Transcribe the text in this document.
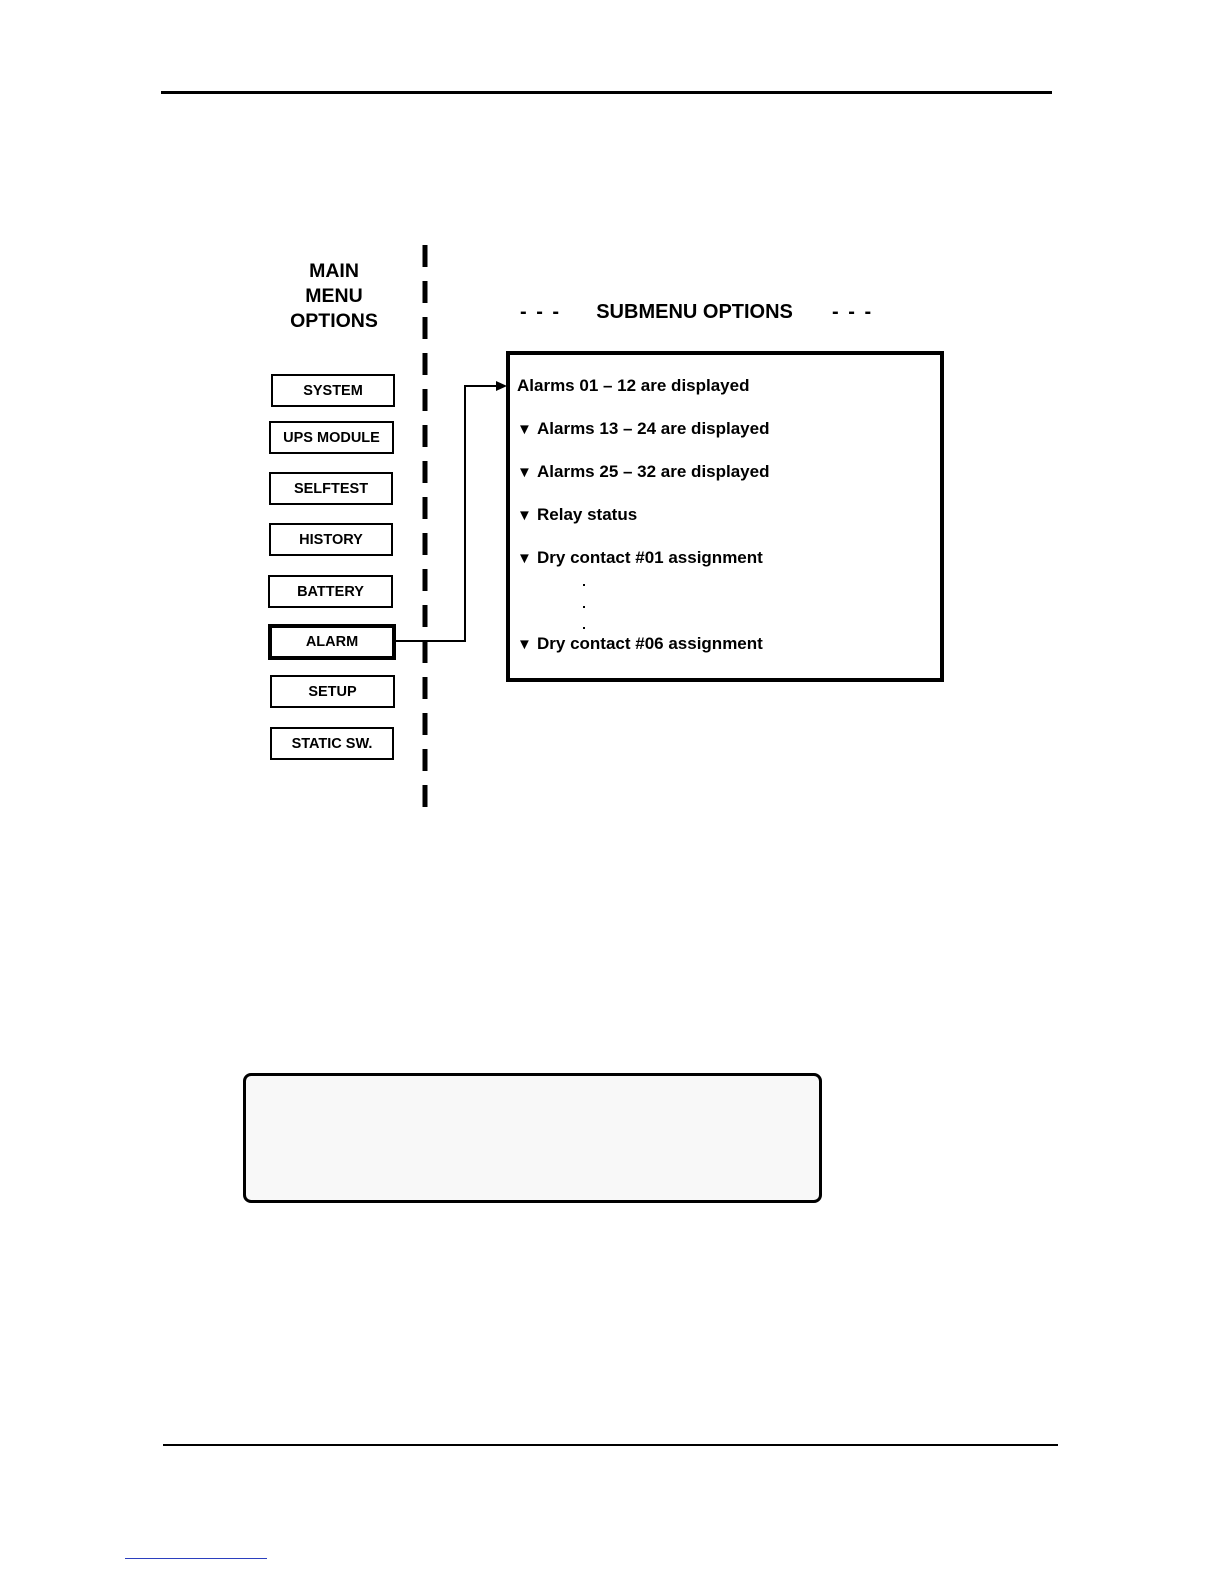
MAIN
MENU
OPTIONS
SYSTEM
UPS MODULE
SELFTEST
HISTORY
BATTERY
ALARM
SETUP
STATIC SW.
- - - SUBMENU OPTIONS - - -
Alarms 01 – 12 are displayed
▼ Alarms 13 – 24 are displayed
▼ Alarms 25 – 32 are displayed
▼ Relay status
▼ Dry contact #01 assignment
▼ Dry contact #06 assignment
